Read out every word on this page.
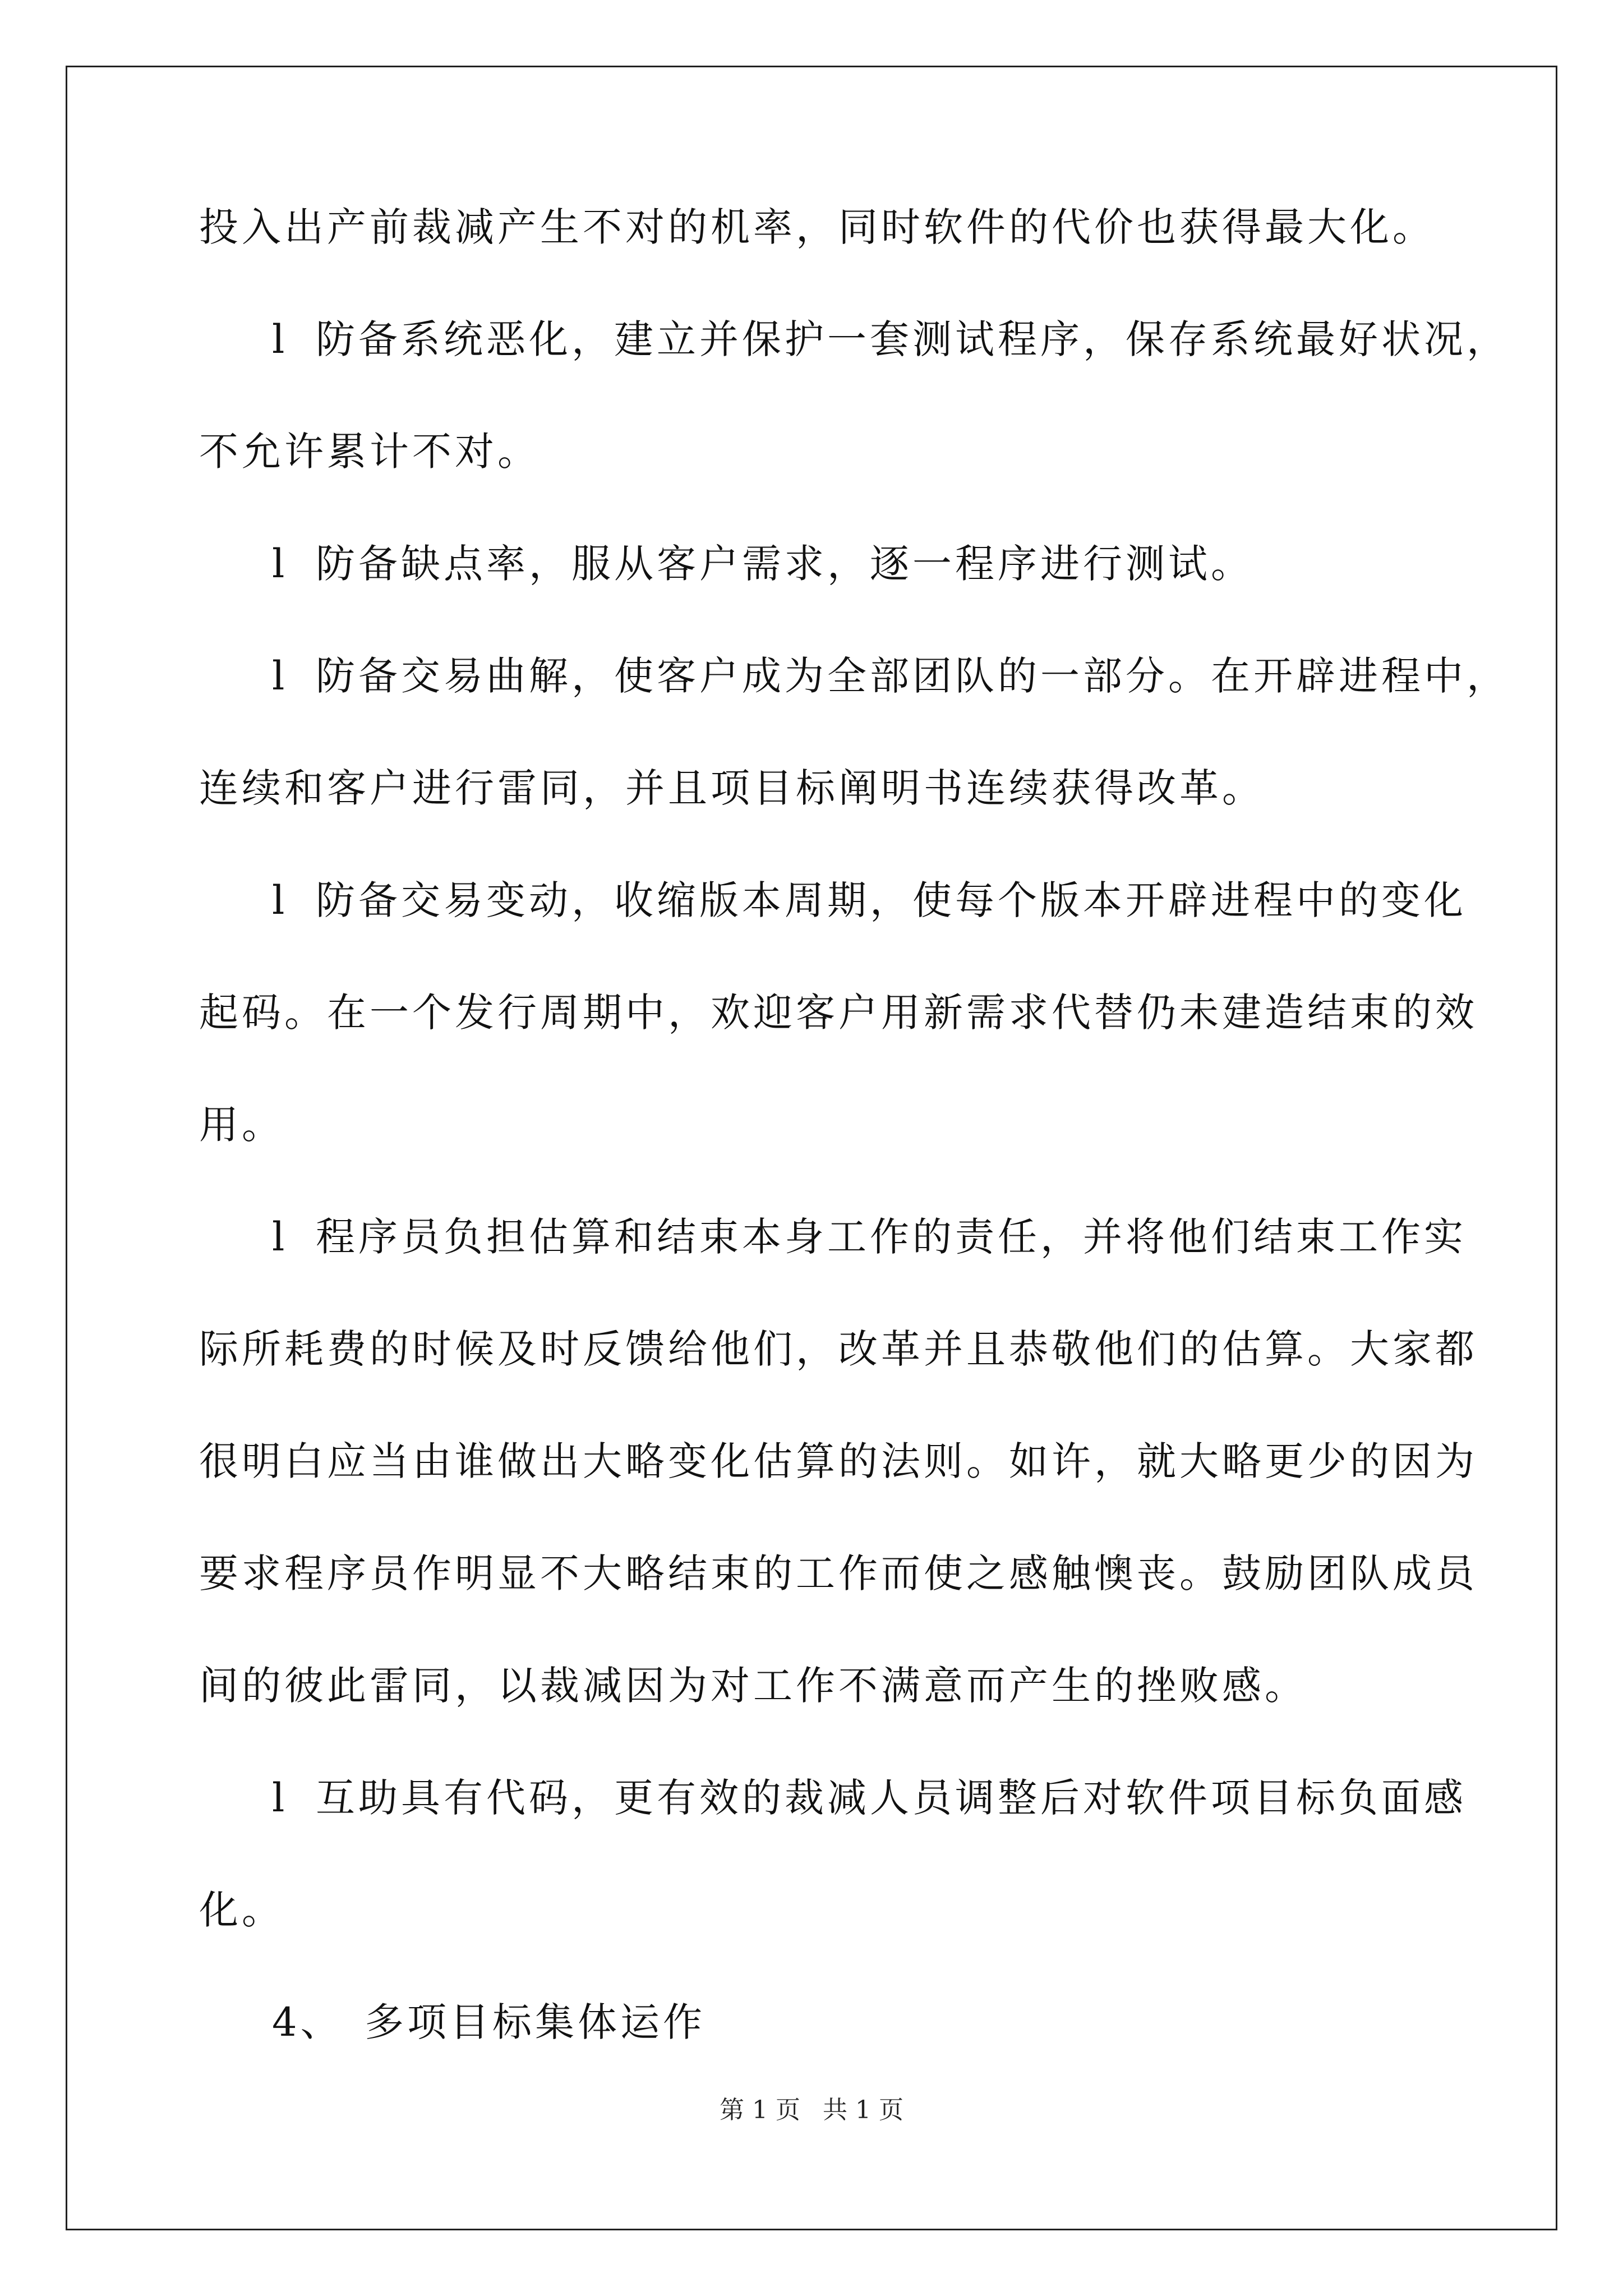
投入出产前裁减产生不对的机率，同时软件的代价也获得最大化。
l 防备系统恶化，建立并保护一套测试程序，保存系统最好状况，
不允许累计不对。
l 防备缺点率，服从客户需求，逐一程序进行测试。
l 防备交易曲解，使客户成为全部团队的一部分。在开辟进程中，
连续和客户进行雷同，并且项目标阐明书连续获得改革。
l 防备交易变动，收缩版本周期，使每个版本开辟进程中的变化
起码。在一个发行周期中，欢迎客户用新需求代替仍未建造结束的效
用。
l 程序员负担估算和结束本身工作的责任，并将他们结束工作实
际所耗费的时候及时反馈给他们，改革并且恭敬他们的估算。大家都
很明白应当由谁做出大略变化估算的法则。如许，就大略更少的因为
要求程序员作明显不大略结束的工作而使之感触懊丧。鼓励团队成员
间的彼此雷同，以裁减因为对工作不满意而产生的挫败感。
l 互助具有代码，更有效的裁减人员调整后对软件项目标负面感
化。
4、 多项目标集体运作
第 1 页 共 1 页
